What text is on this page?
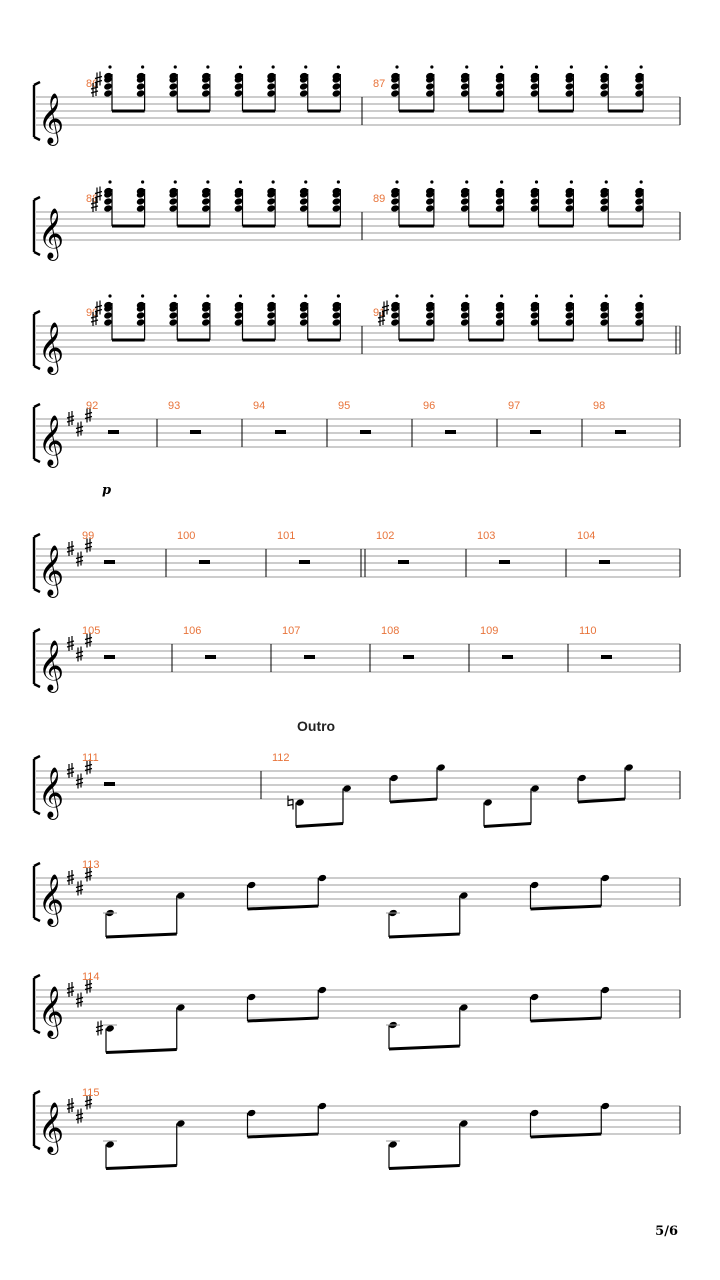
p
Outro
5/6
𝄞
86	87
𝄞
88	89
𝄞
90	91
𝄞
92	93	94	95	96	97	98
𝄞
99	100	101	102	103	104
𝄞
105	106	107	108	109	110
𝄞
111	112
𝄞
113
𝄞
114
𝄞
115
